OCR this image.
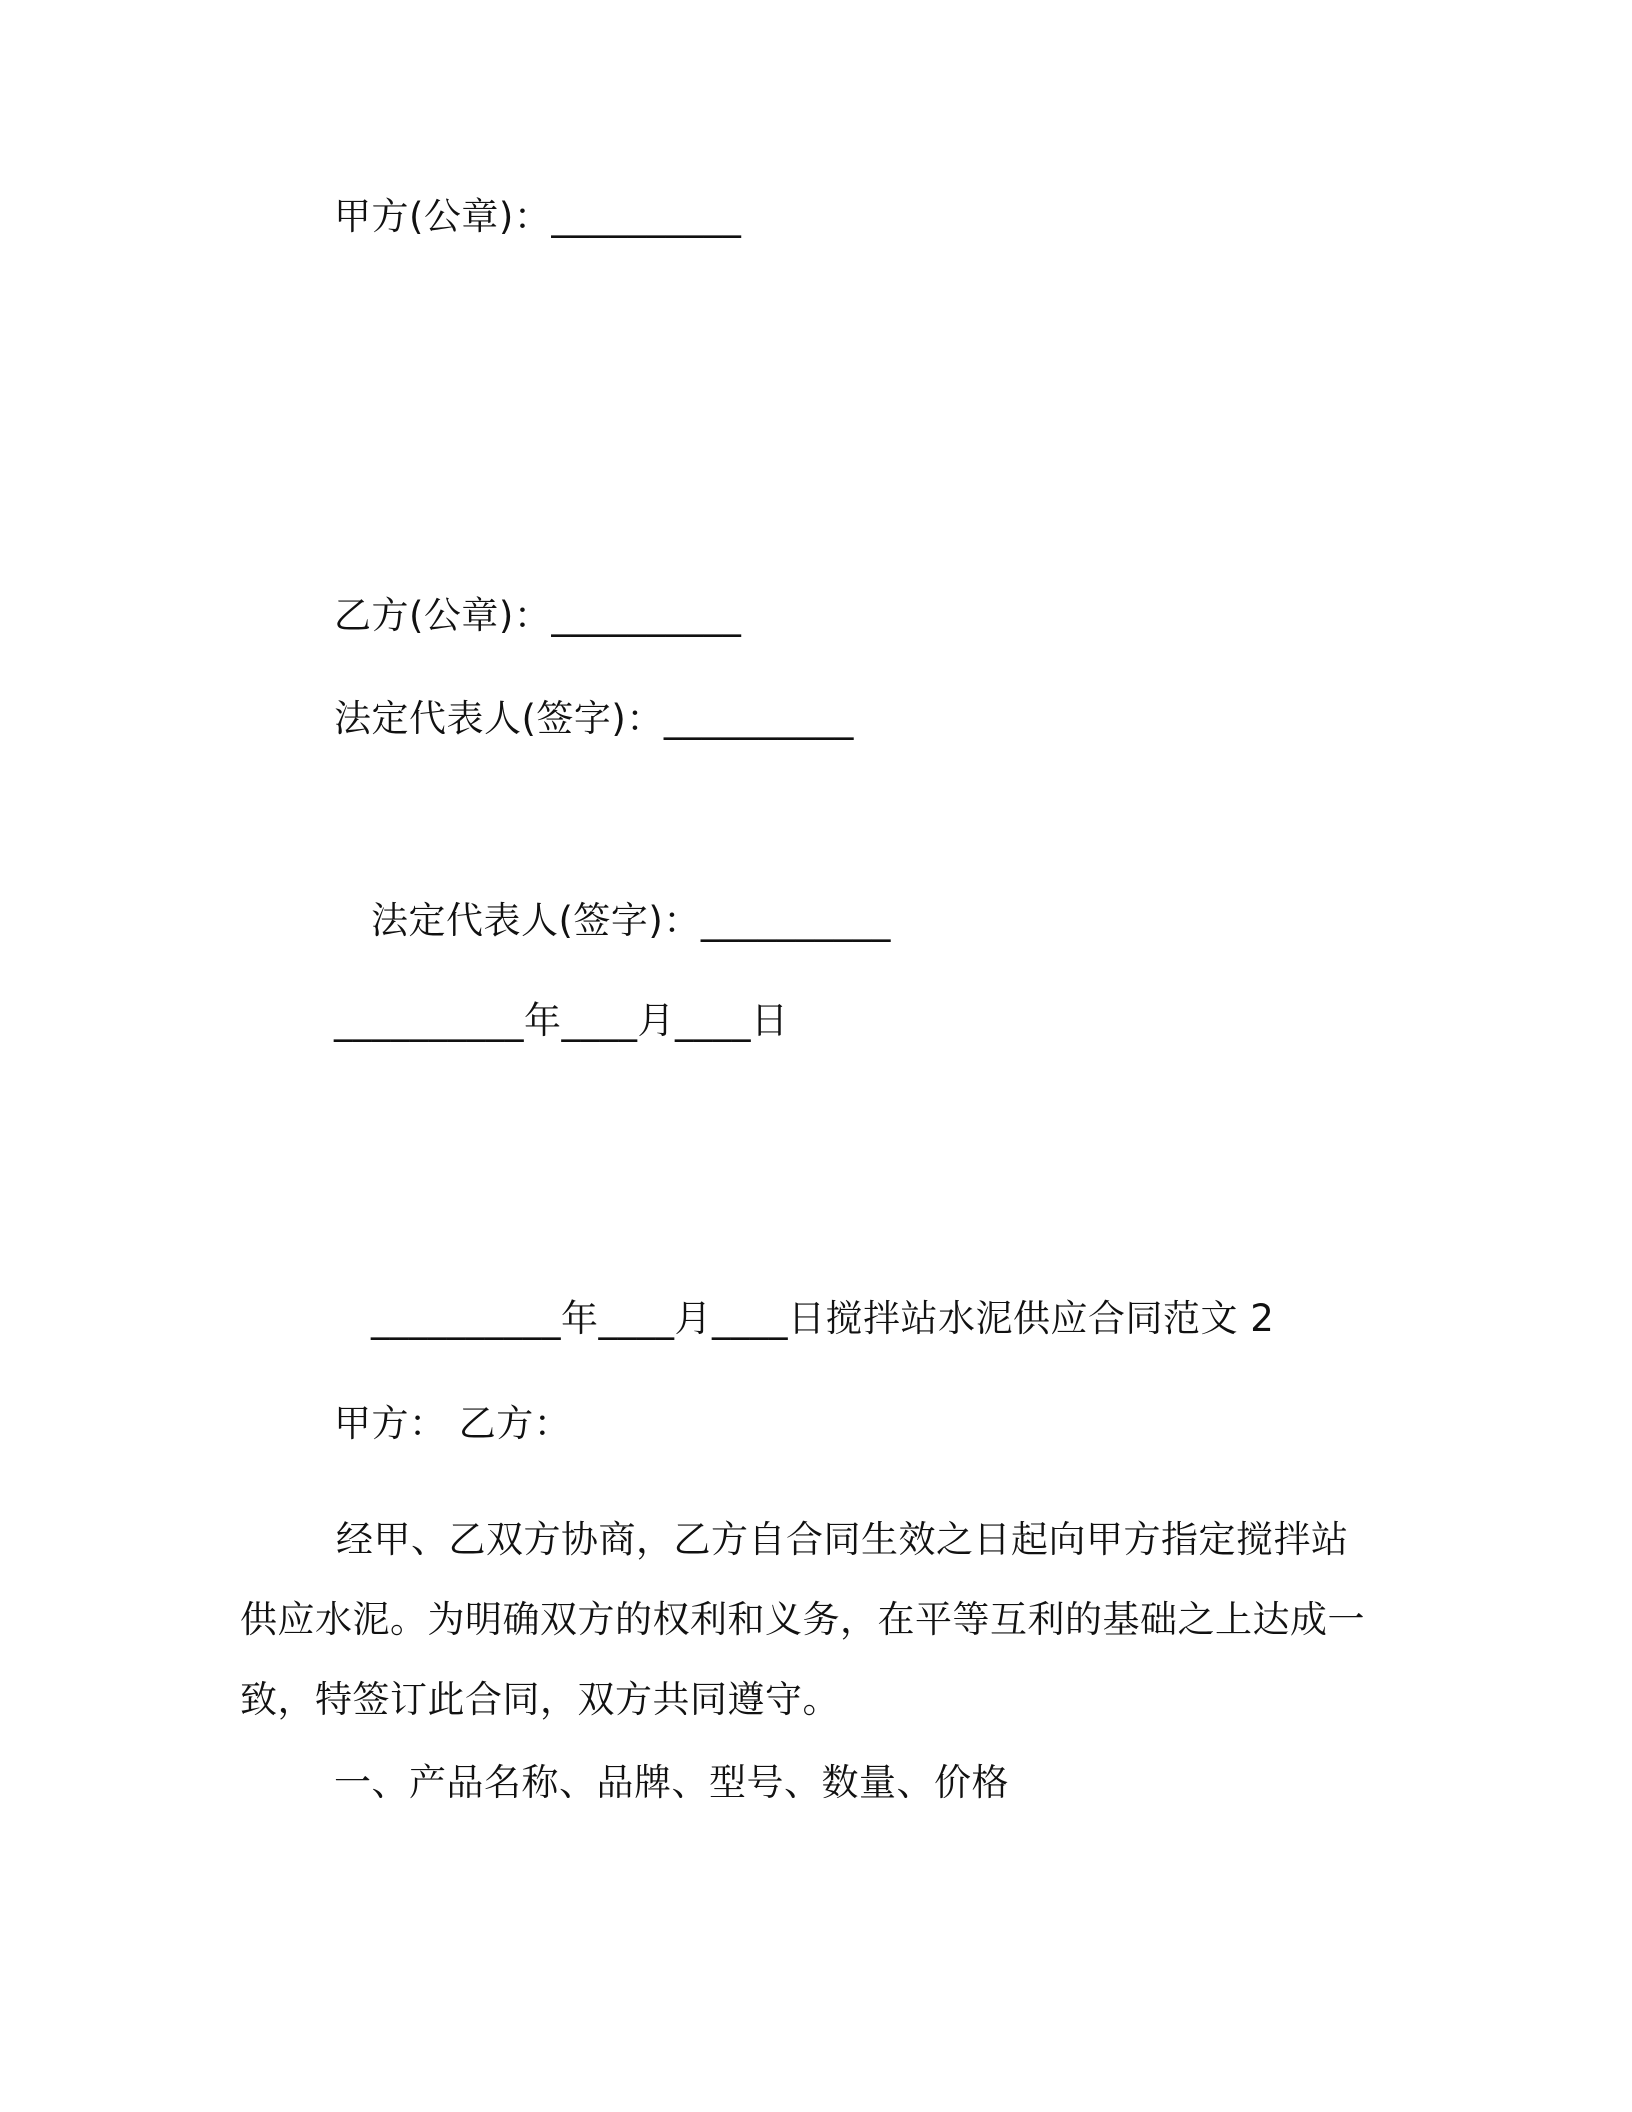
甲方(公章)：__________
乙方(公章)：__________
法定代表人(签字)：__________
法定代表人(签字)：__________
__________年____月____日
__________年____月____日搅拌站水泥供应合同范文 2
甲方： 乙方：
经甲、乙双方协商，乙方自合同生效之日起向甲方指定搅拌站供应水泥。为明确双方的权利和义务，在平等互利的基础之上达成一致，特签订此合同，双方共同遵守。
一、产品名称、品牌、型号、数量、价格
